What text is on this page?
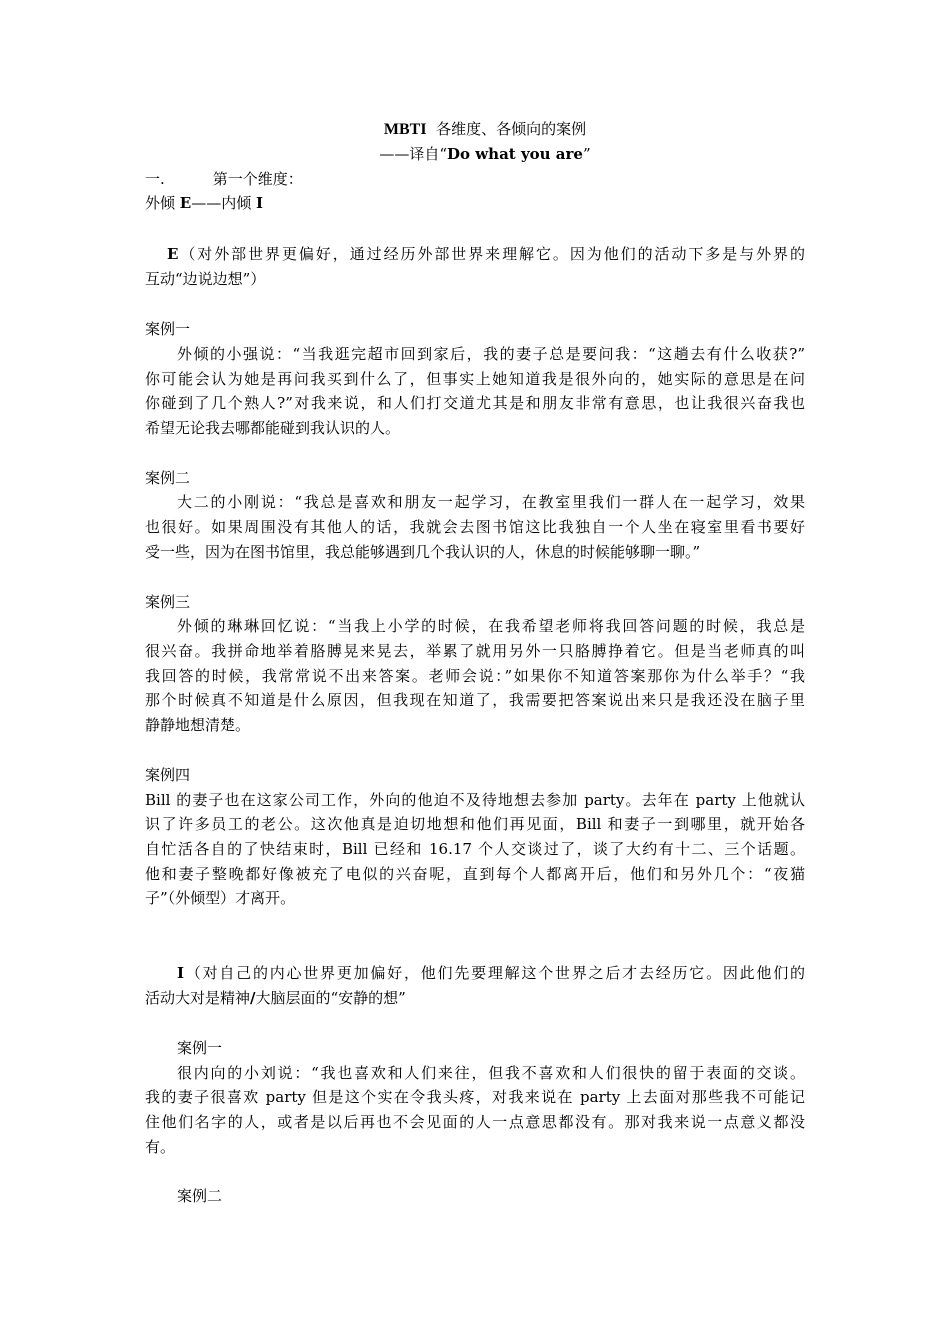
MBTI 各维度、各倾向的案例
——译自“Do what you are”
一.	第一个维度：
外倾 E——内倾 I
E（对外部世界更偏好，通过经历外部世界来理解它。因为他们的活动下多是与外界的
互动“边说边想”）
案例一
外倾的小强说：“当我逛完超市回到家后，我的妻子总是要问我：“这趟去有什么收获?”
你可能会认为她是再问我买到什么了，但事实上她知道我是很外向的，她实际的意思是在问
你碰到了几个熟人?”对我来说，和人们打交道尤其是和朋友非常有意思，也让我很兴奋我也
希望无论我去哪都能碰到我认识的人。
案例二
大二的小刚说：“我总是喜欢和朋友一起学习，在教室里我们一群人在一起学习，效果
也很好。如果周围没有其他人的话，我就会去图书馆这比我独自一个人坐在寝室里看书要好
受一些，因为在图书馆里，我总能够遇到几个我认识的人，休息的时候能够聊一聊。”
案例三
外倾的琳琳回忆说：“当我上小学的时候，在我希望老师将我回答问题的时候，我总是
很兴奋。我拼命地举着胳膊晃来晃去，举累了就用另外一只胳膊挣着它。但是当老师真的叫
我回答的时候，我常常说不出来答案。老师会说：”如果你不知道答案那你为什么举手？“我
那个时候真不知道是什么原因，但我现在知道了，我需要把答案说出来只是我还没在脑子里
静静地想清楚。
案例四
Bill 的妻子也在这家公司工作，外向的他迫不及待地想去参加 party。去年在 party 上他就认
识了许多员工的老公。这次他真是迫切地想和他们再见面，Bill 和妻子一到哪里，就开始各
自忙活各自的了快结束时，Bill 已经和 16.17 个人交谈过了，谈了大约有十二、三个话题。
他和妻子整晚都好像被充了电似的兴奋呢，直到每个人都离开后，他们和另外几个：“夜猫
子”（外倾型）才离开。
I（对自己的内心世界更加偏好，他们先要理解这个世界之后才去经历它。因此他们的
活动大对是精神/大脑层面的“安静的想”
案例一
很内向的小刘说：“我也喜欢和人们来往，但我不喜欢和人们很快的留于表面的交谈。
我的妻子很喜欢 party 但是这个实在令我头疼，对我来说在 party 上去面对那些我不可能记
住他们名字的人，或者是以后再也不会见面的人一点意思都没有。那对我来说一点意义都没
有。
案例二
